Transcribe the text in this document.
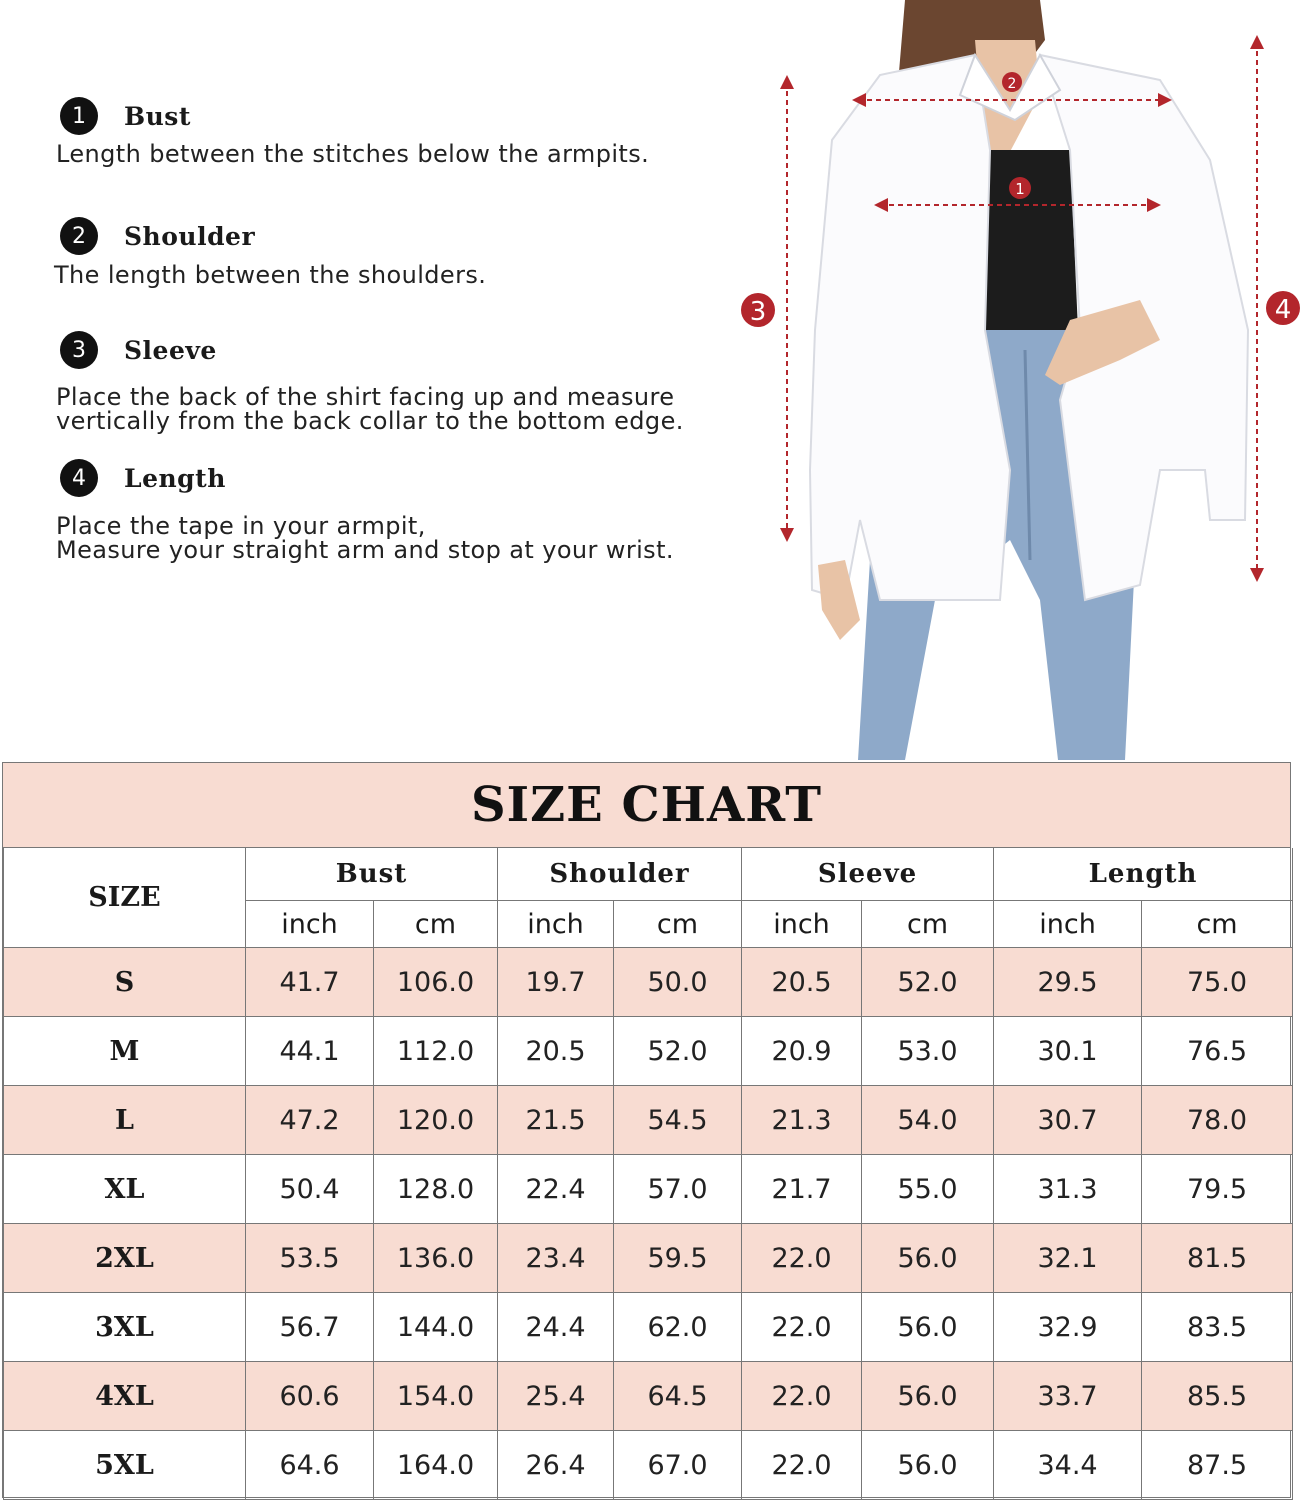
1	Bust
Length between the stitches below the armpits.
2	Shoulder
The length between the shoulders.
3	Sleeve
Place the back of the shirt facing up and measure
vertically from the back collar to the bottom edge.
4	Length
Place the tape in your armpit,
Measure your straight arm and stop at your wrist.
2
1
3	4
SIZE CHART
SIZE	Bust		Shoulder		Sleeve		Length	
	inch	cm	inch	cm	inch	cm	inch	cm
S	41.7	106.0	19.7	50.0	20.5	52.0	29.5	75.0
M	44.1	112.0	20.5	52.0	20.9	53.0	30.1	76.5
L	47.2	120.0	21.5	54.5	21.3	54.0	30.7	78.0
XL	50.4	128.0	22.4	57.0	21.7	55.0	31.3	79.5
2XL	53.5	136.0	23.4	59.5	22.0	56.0	32.1	81.5
3XL	56.7	144.0	24.4	62.0	22.0	56.0	32.9	83.5
4XL	60.6	154.0	25.4	64.5	22.0	56.0	33.7	85.5
5XL	64.6	164.0	26.4	67.0	22.0	56.0	34.4	87.5
